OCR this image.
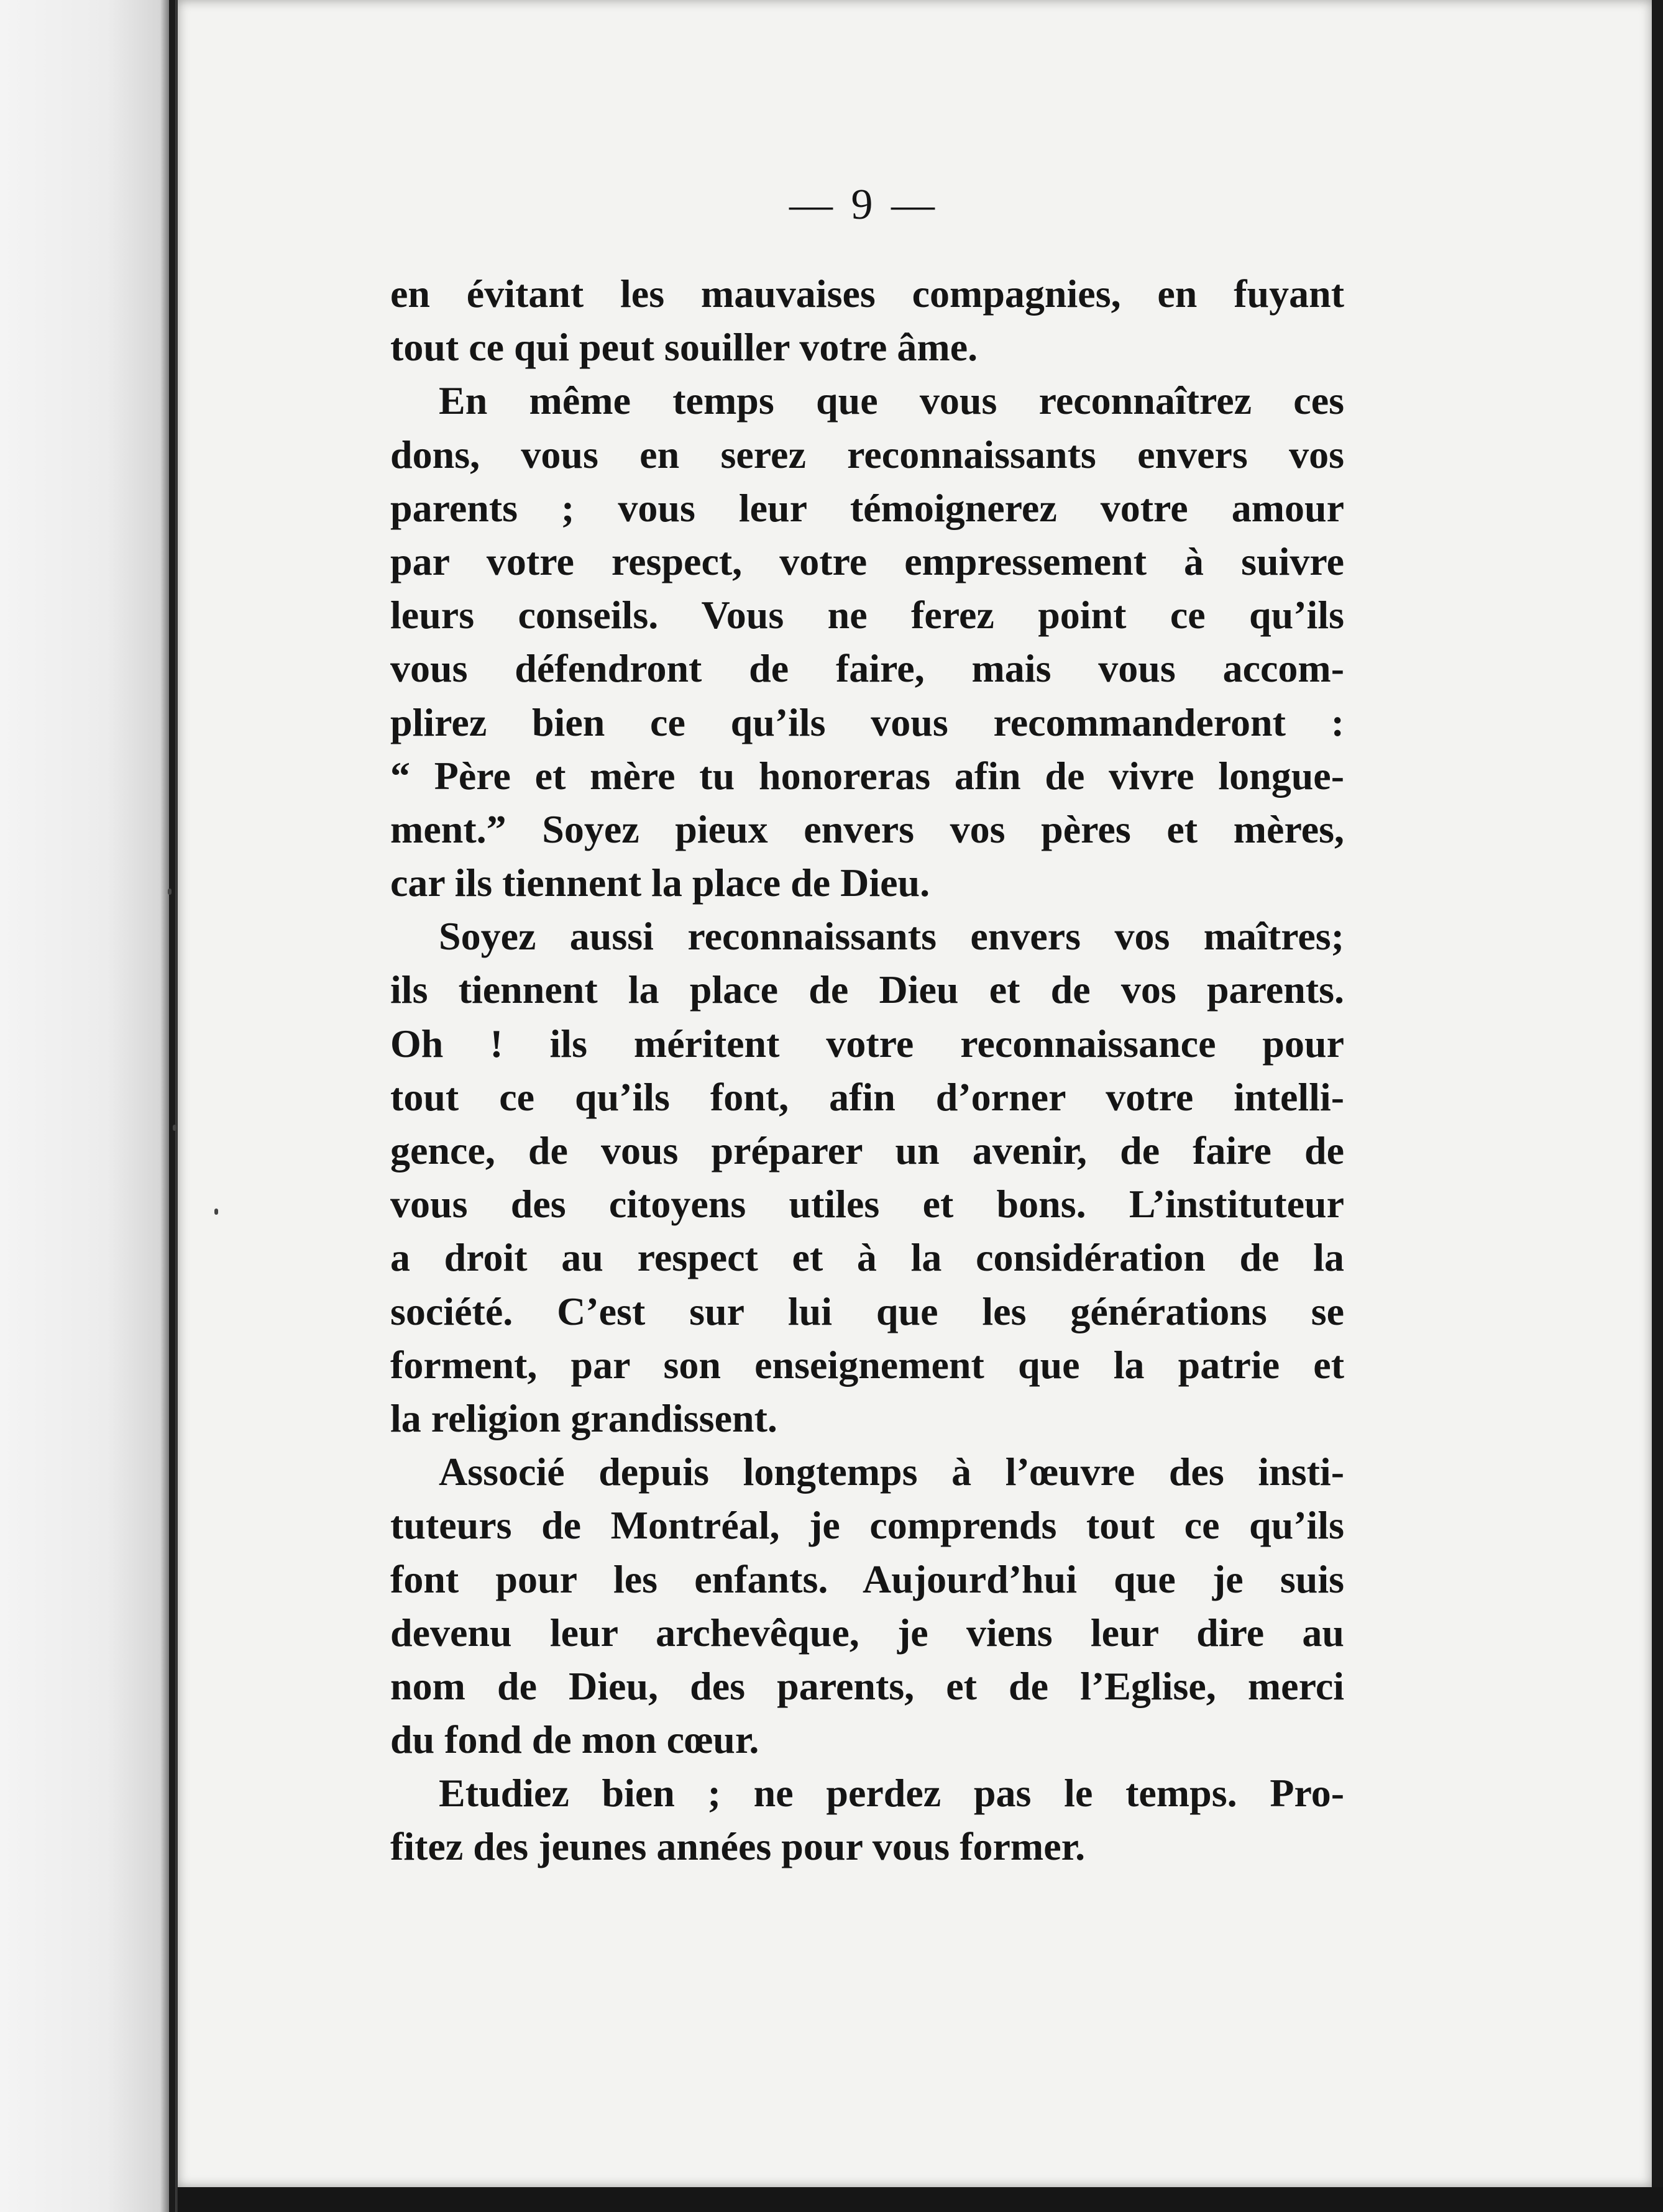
— 9 —
en évitant les mauvaises compagnies, en fuyant
tout ce qui peut souiller votre âme.
En même temps que vous reconnaîtrez ces
dons, vous en serez reconnaissants envers vos
parents ; vous leur témoignerez votre amour
par votre respect, votre empressement à suivre
leurs conseils. Vous ne ferez point ce qu’ils
vous défendront de faire, mais vous accom-
plirez bien ce qu’ils vous recommanderont :
“ Père et mère tu honoreras afin de vivre longue-
ment.” Soyez pieux envers vos pères et mères,
car ils tiennent la place de Dieu.
Soyez aussi reconnaissants envers vos maîtres;
ils tiennent la place de Dieu et de vos parents.
Oh ! ils méritent votre reconnaissance pour
tout ce qu’ils font, afin d’orner votre intelli-
gence, de vous préparer un avenir, de faire de
vous des citoyens utiles et bons. L’instituteur
a droit au respect et à la considération de la
société. C’est sur lui que les générations se
forment, par son enseignement que la patrie et
la religion grandissent.
Associé depuis longtemps à l’œuvre des insti-
tuteurs de Montréal, je comprends tout ce qu’ils
font pour les enfants. Aujourd’hui que je suis
devenu leur archevêque, je viens leur dire au
nom de Dieu, des parents, et de l’Eglise, merci
du fond de mon cœur.
Etudiez bien ; ne perdez pas le temps. Pro-
fitez des jeunes années pour vous former.
